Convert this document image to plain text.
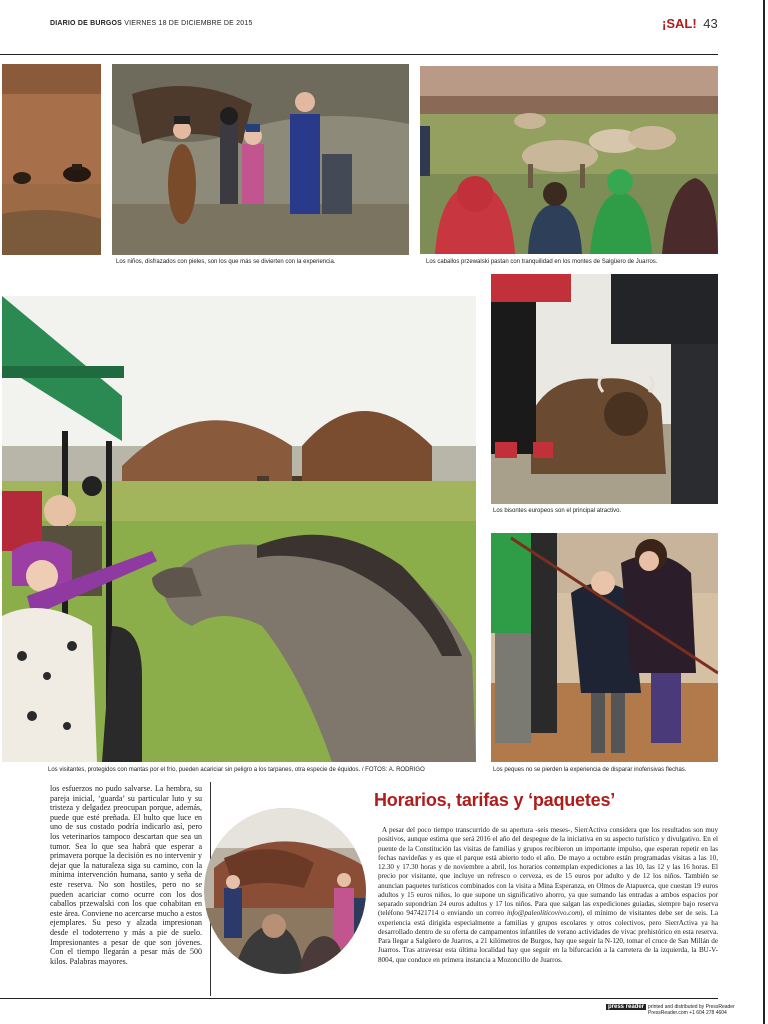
DIARIO DE BURGOS VIERNES 18 DE DICIEMBRE DE 2015	¡SAL! 43
Los niños, disfrazados con pieles, son los que más se divierten con la experiencia.	Los caballos przewalski pastan con tranquilidad en los montes de Salgüero de Juarros.
Los visitantes, protegidos con mantas por el frío, pueden acariciar sin peligro a los tarpanes, otra especie de équidos. / FOTOS: A. RODRIGO
Los bisontes europeos son el principal atractivo.
Los peques no se pierden la experiencia de disparar inofensivas flechas.
los esfuerzos no pudo salvarse. La hembra, su pareja inicial, ‘guarda’ su particular luto y su tristeza y delgadez preocupan porque, además, puede que esté preñada. El bulto que luce en uno de sus costado podría indicarlo así, pero los veterinarios tampoco descartan que sea un tumor. Sea lo que sea habrá que esperar a primavera porque la decisión es no intervenir y dejar que la naturaleza siga su camino, con la mínima intervención humana, santo y seña de este reserva. No son hostiles, pero no se pueden acariciar como ocurre con los dos caballos przewalski con los que cohabitan en este área. Conviene no acercarse mucho a estos ejemplares. Su peso y alzada impresionan desde el todoterreno y más a pie de suelo. Impresionantes a pesar de que son jóvenes. Con el tiempo llegarán a pesar más de 500 kilos. Palabras mayores.
Horarios, tarifas y ‘paquetes’
A pesar del poco tiempo transcurrido de su apertura -seis meses-, SierrActiva considera que los resultados son muy positivos, aunque estima que será 2016 el año del despegue de la iniciativa en su aspecto turístico y divulgativo. En el puente de la Constitución las visitas de familias y grupos recibieron un importante impulso, que esperan repetir en las fechas navideñas y es que el parque está abierto todo el año. De mayo a octubre están programadas visitas a las 10, 12.30 y 17.30 horas y de noviembre a abril, los horarios contemplan expediciones a las 10, las 12 y las 16 horas. El precio por visitante, que incluye un refresco o cerveza, es de 15 euros por adulto y de 12 los niños. También se anuncian paquetes turísticos combinados con la visita a Mina Esperanza, en Olmos de Atapuerca, que cuestan 19 euros adultos y 15 euros niños, lo que supone un significativo ahorro, ya que sumando las entradas a ambos espacios por separado supondrían 24 euros adultos y 17 los niños. Para que salgan las expediciones guiadas, siempre bajo reserva (teléfono 947421714 o enviando un correo info@paleolíticovivo.com), el mínimo de visitantes debe ser de seis. La experiencia está dirigida especialmente a familias y grupos escolares y otros colectivos, pero SierrActiva ya ha desarrollado dentro de su oferta de campamentos infantiles de verano actividades de vivac prehistórico en esta reserva. Para llegar a Salgüero de Juarros, a 21 kilómetros de Burgos, hay que seguir la N-120, tomar el cruce de San Millán de Juarros. Tras atravesar esta última localidad hay que seguir en la bifurcación a la carretera de la izquierda, la BU-V-8004, que conduce en primera instancia a Mozoncillo de Juarros.
press reader printed and distributed by PressReader
PressReader.com +1 604 278 4604
